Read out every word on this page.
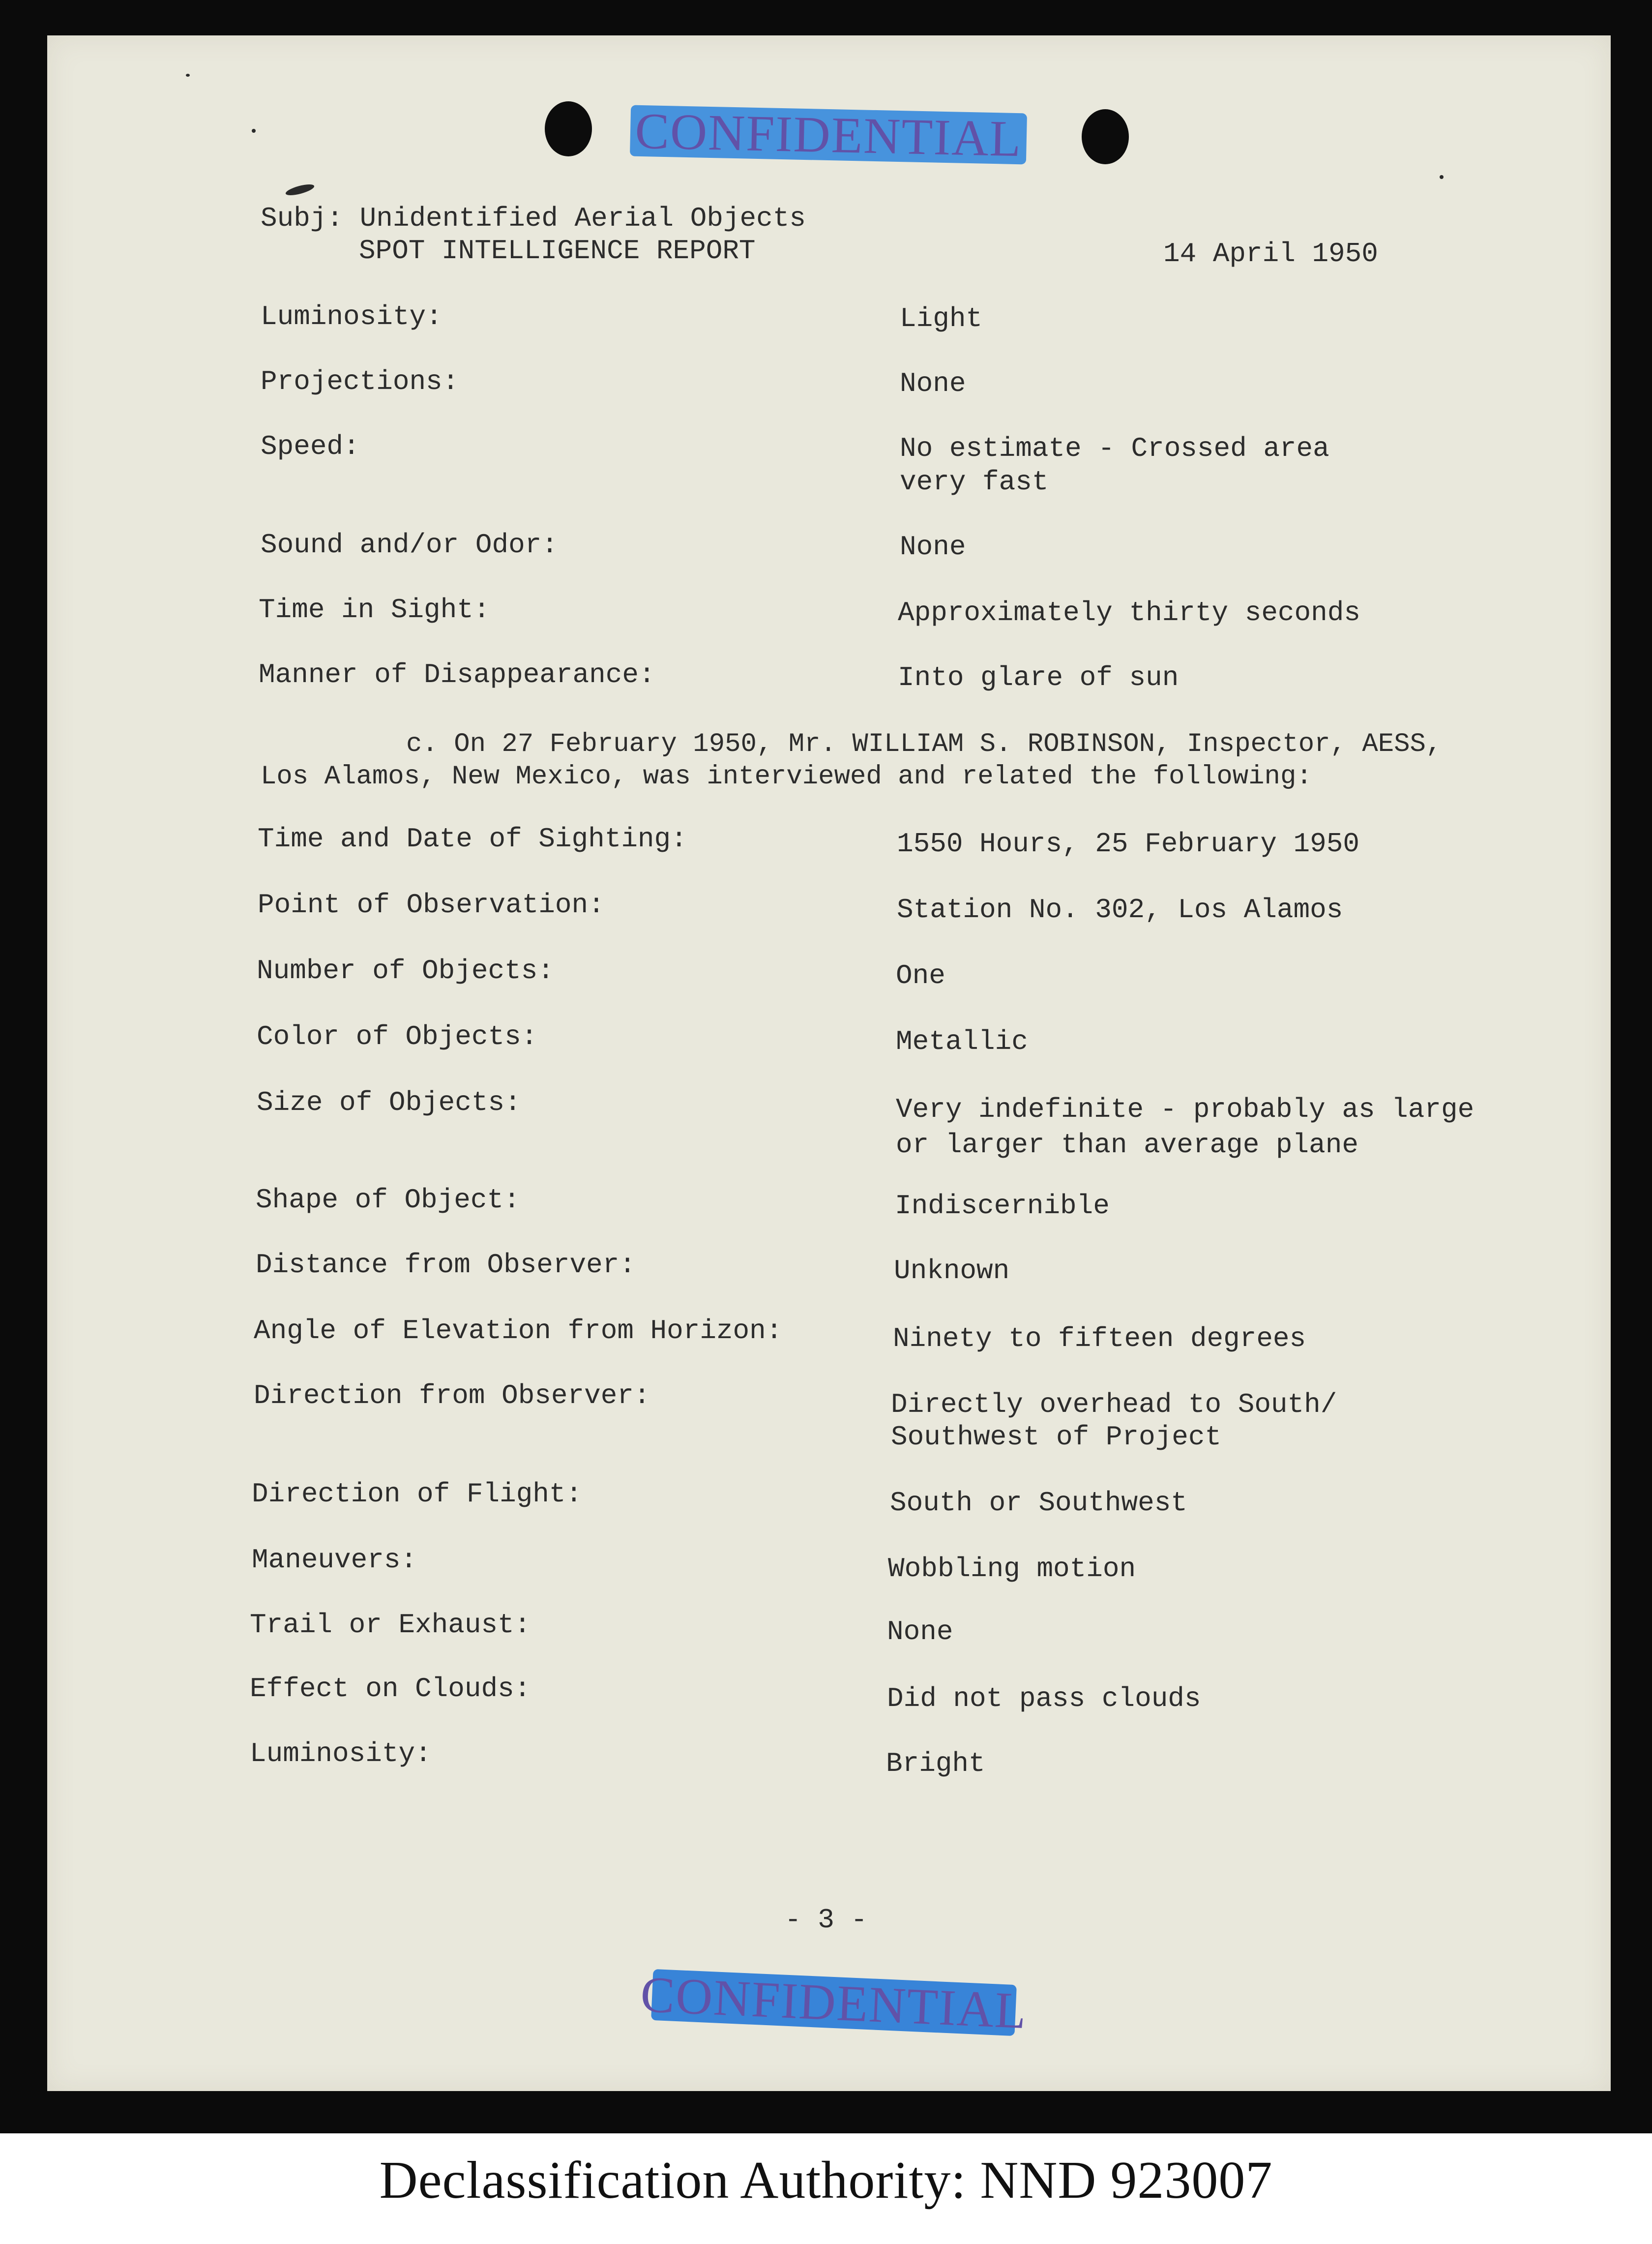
CONFIDENTIAL
Subj: Unidentified Aerial Objects
SPOT INTELLIGENCE REPORT	14 April 1950
Luminosity:	Light
Projections:	None
Speed:	No estimate - Crossed area
very fast
Sound and/or Odor:	None
Time in Sight:	Approximately thirty seconds
Manner of Disappearance:	Into glare of sun
c. On 27 February 1950, Mr. WILLIAM S. ROBINSON, Inspector, AESS,
Los Alamos, New Mexico, was interviewed and related the following:
Time and Date of Sighting:	1550 Hours, 25 February 1950
Point of Observation:	Station No. 302, Los Alamos
Number of Objects:	One
Color of Objects:	Metallic
Size of Objects:	Very indefinite - probably as large
or larger than average plane
Shape of Object:	Indiscernible
Distance from Observer:	Unknown
Angle of Elevation from Horizon:	Ninety to fifteen degrees
Direction from Observer:	Directly overhead to South/
Southwest of Project
Direction of Flight:	South or Southwest
Maneuvers:	Wobbling motion
Trail or Exhaust:	None
Effect on Clouds:	Did not pass clouds
Luminosity:	Bright
- 3 -
CONFIDENTIAL
Declassification Authority: NND 923007
